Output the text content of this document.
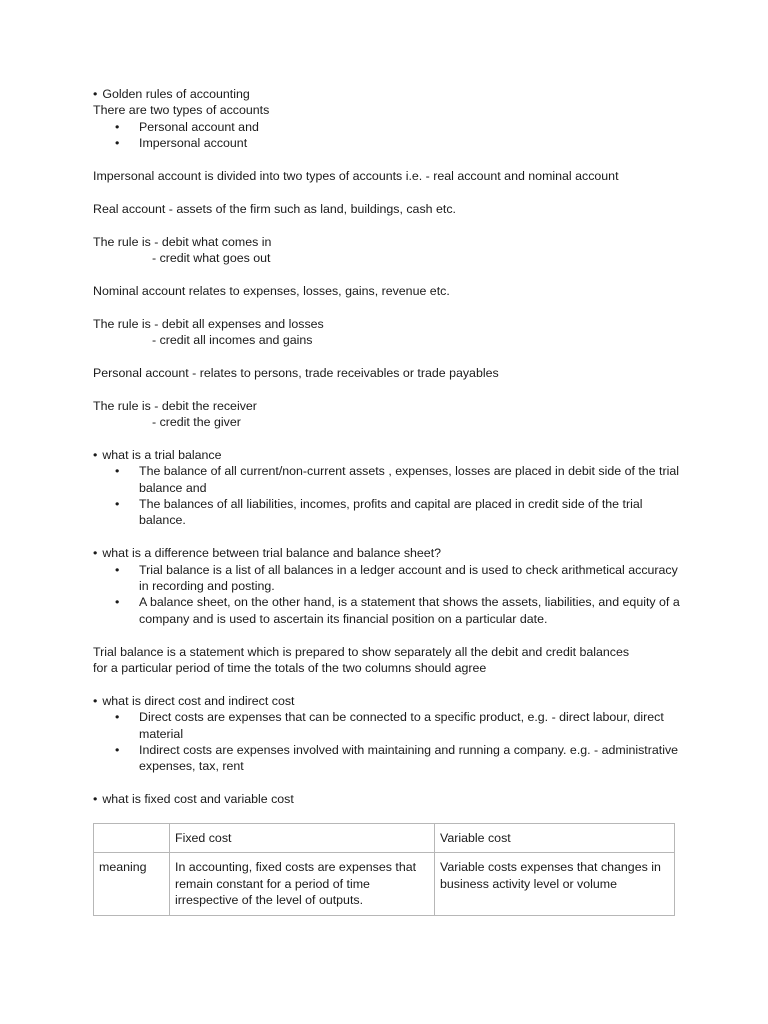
• Golden rules of accounting

There are two types of accounts

• Personal account and
• Impersonal account

Impersonal account is divided into two types of accounts i.e. - real account and nominal account

Real account - assets of the firm such as land, buildings, cash etc.

The rule is - debit what comes in

- credit what goes out

Nominal account relates to expenses, losses, gains, revenue etc.

The rule is - debit all expenses and losses

- credit all incomes and gains

Personal account - relates to persons, trade receivables or trade payables

The rule is - debit the receiver

- credit the giver

• what is a trial balance

• The balance of all current/non-current assets , expenses, losses are placed in debit side of the trial balance and
• The balances of all liabilities, incomes, profits and capital are placed in credit side of the trial balance.

• what is a difference between trial balance and balance sheet?

• Trial balance is a list of all balances in a ledger account and is used to check arithmetical accuracy in recording and posting.
• A balance sheet, on the other hand, is a statement that shows the assets, liabilities, and equity of a company and is used to ascertain its financial position on a particular date.

Trial balance is a statement which is prepared to show separately all the debit and credit balances

for a particular period of time the totals of the two columns should agree

• what is direct cost and indirect cost

• Direct costs are expenses that can be connected to a specific product, e.g. - direct labour, direct material
• Indirect costs are expenses involved with maintaining and running a company. e.g. - administrative expenses, tax, rent

• what is fixed cost and variable cost

	Fixed cost	Variable cost
meaning	In accounting, fixed costs are expenses that remain constant for a period of time irrespective of the level of outputs.	Variable costs expenses that changes in business activity level or volume
